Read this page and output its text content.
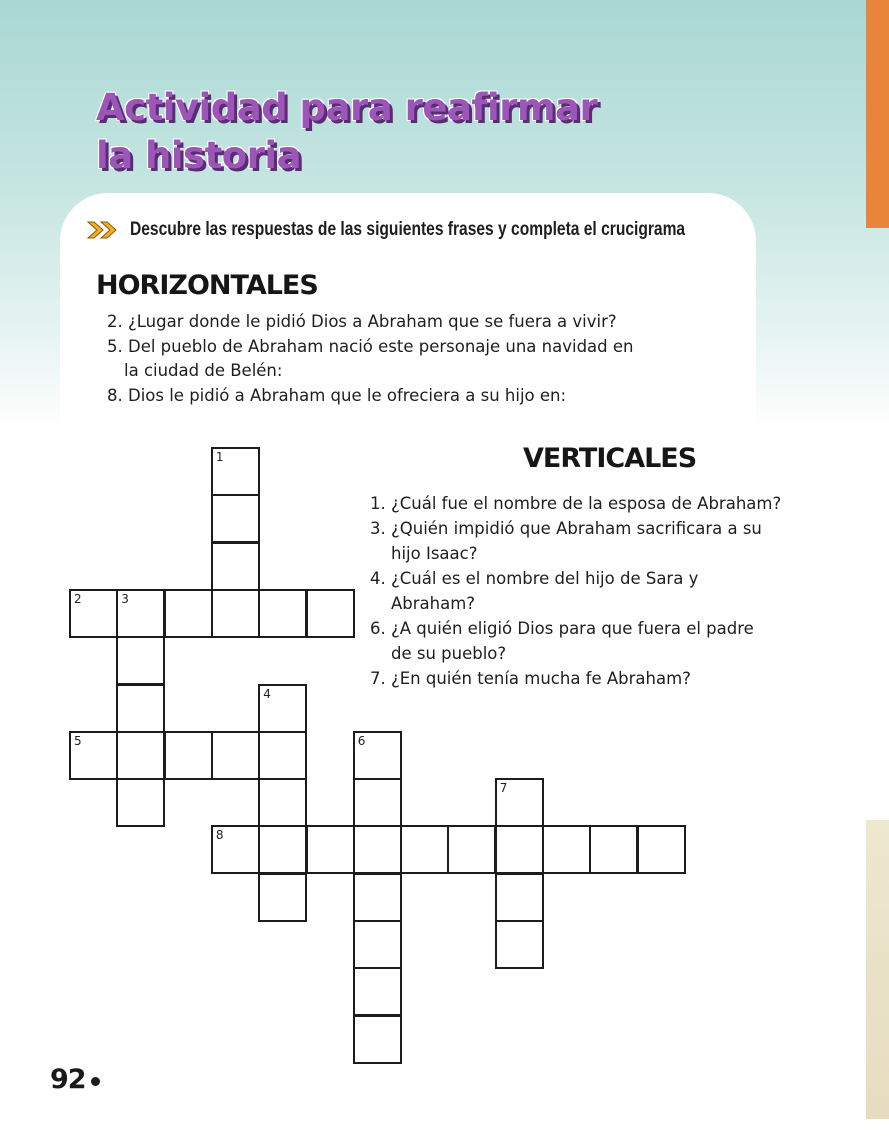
Actividad para reafirmar
la historia
Descubre las respuestas de las siguientes frases y completa el crucigrama
HORIZONTALES
2. ¿Lugar donde le pidió Dios a Abraham que se fuera a vivir?
5. Del pueblo de Abraham nació este personaje una navidad en
la ciudad de Belén:
8. Dios le pidió a Abraham que le ofreciera a su hijo en:
VERTICALES
1. ¿Cuál fue el nombre de la esposa de Abraham?
3. ¿Quién impidió que Abraham sacrificara a su
hijo Isaac?
4. ¿Cuál es el nombre del hijo de Sara y
Abraham?
6. ¿A quién eligió Dios para que fuera el padre
de su pueblo?
7. ¿En quién tenía mucha fe Abraham?
1
2	3
4
5	6
7
8
92
